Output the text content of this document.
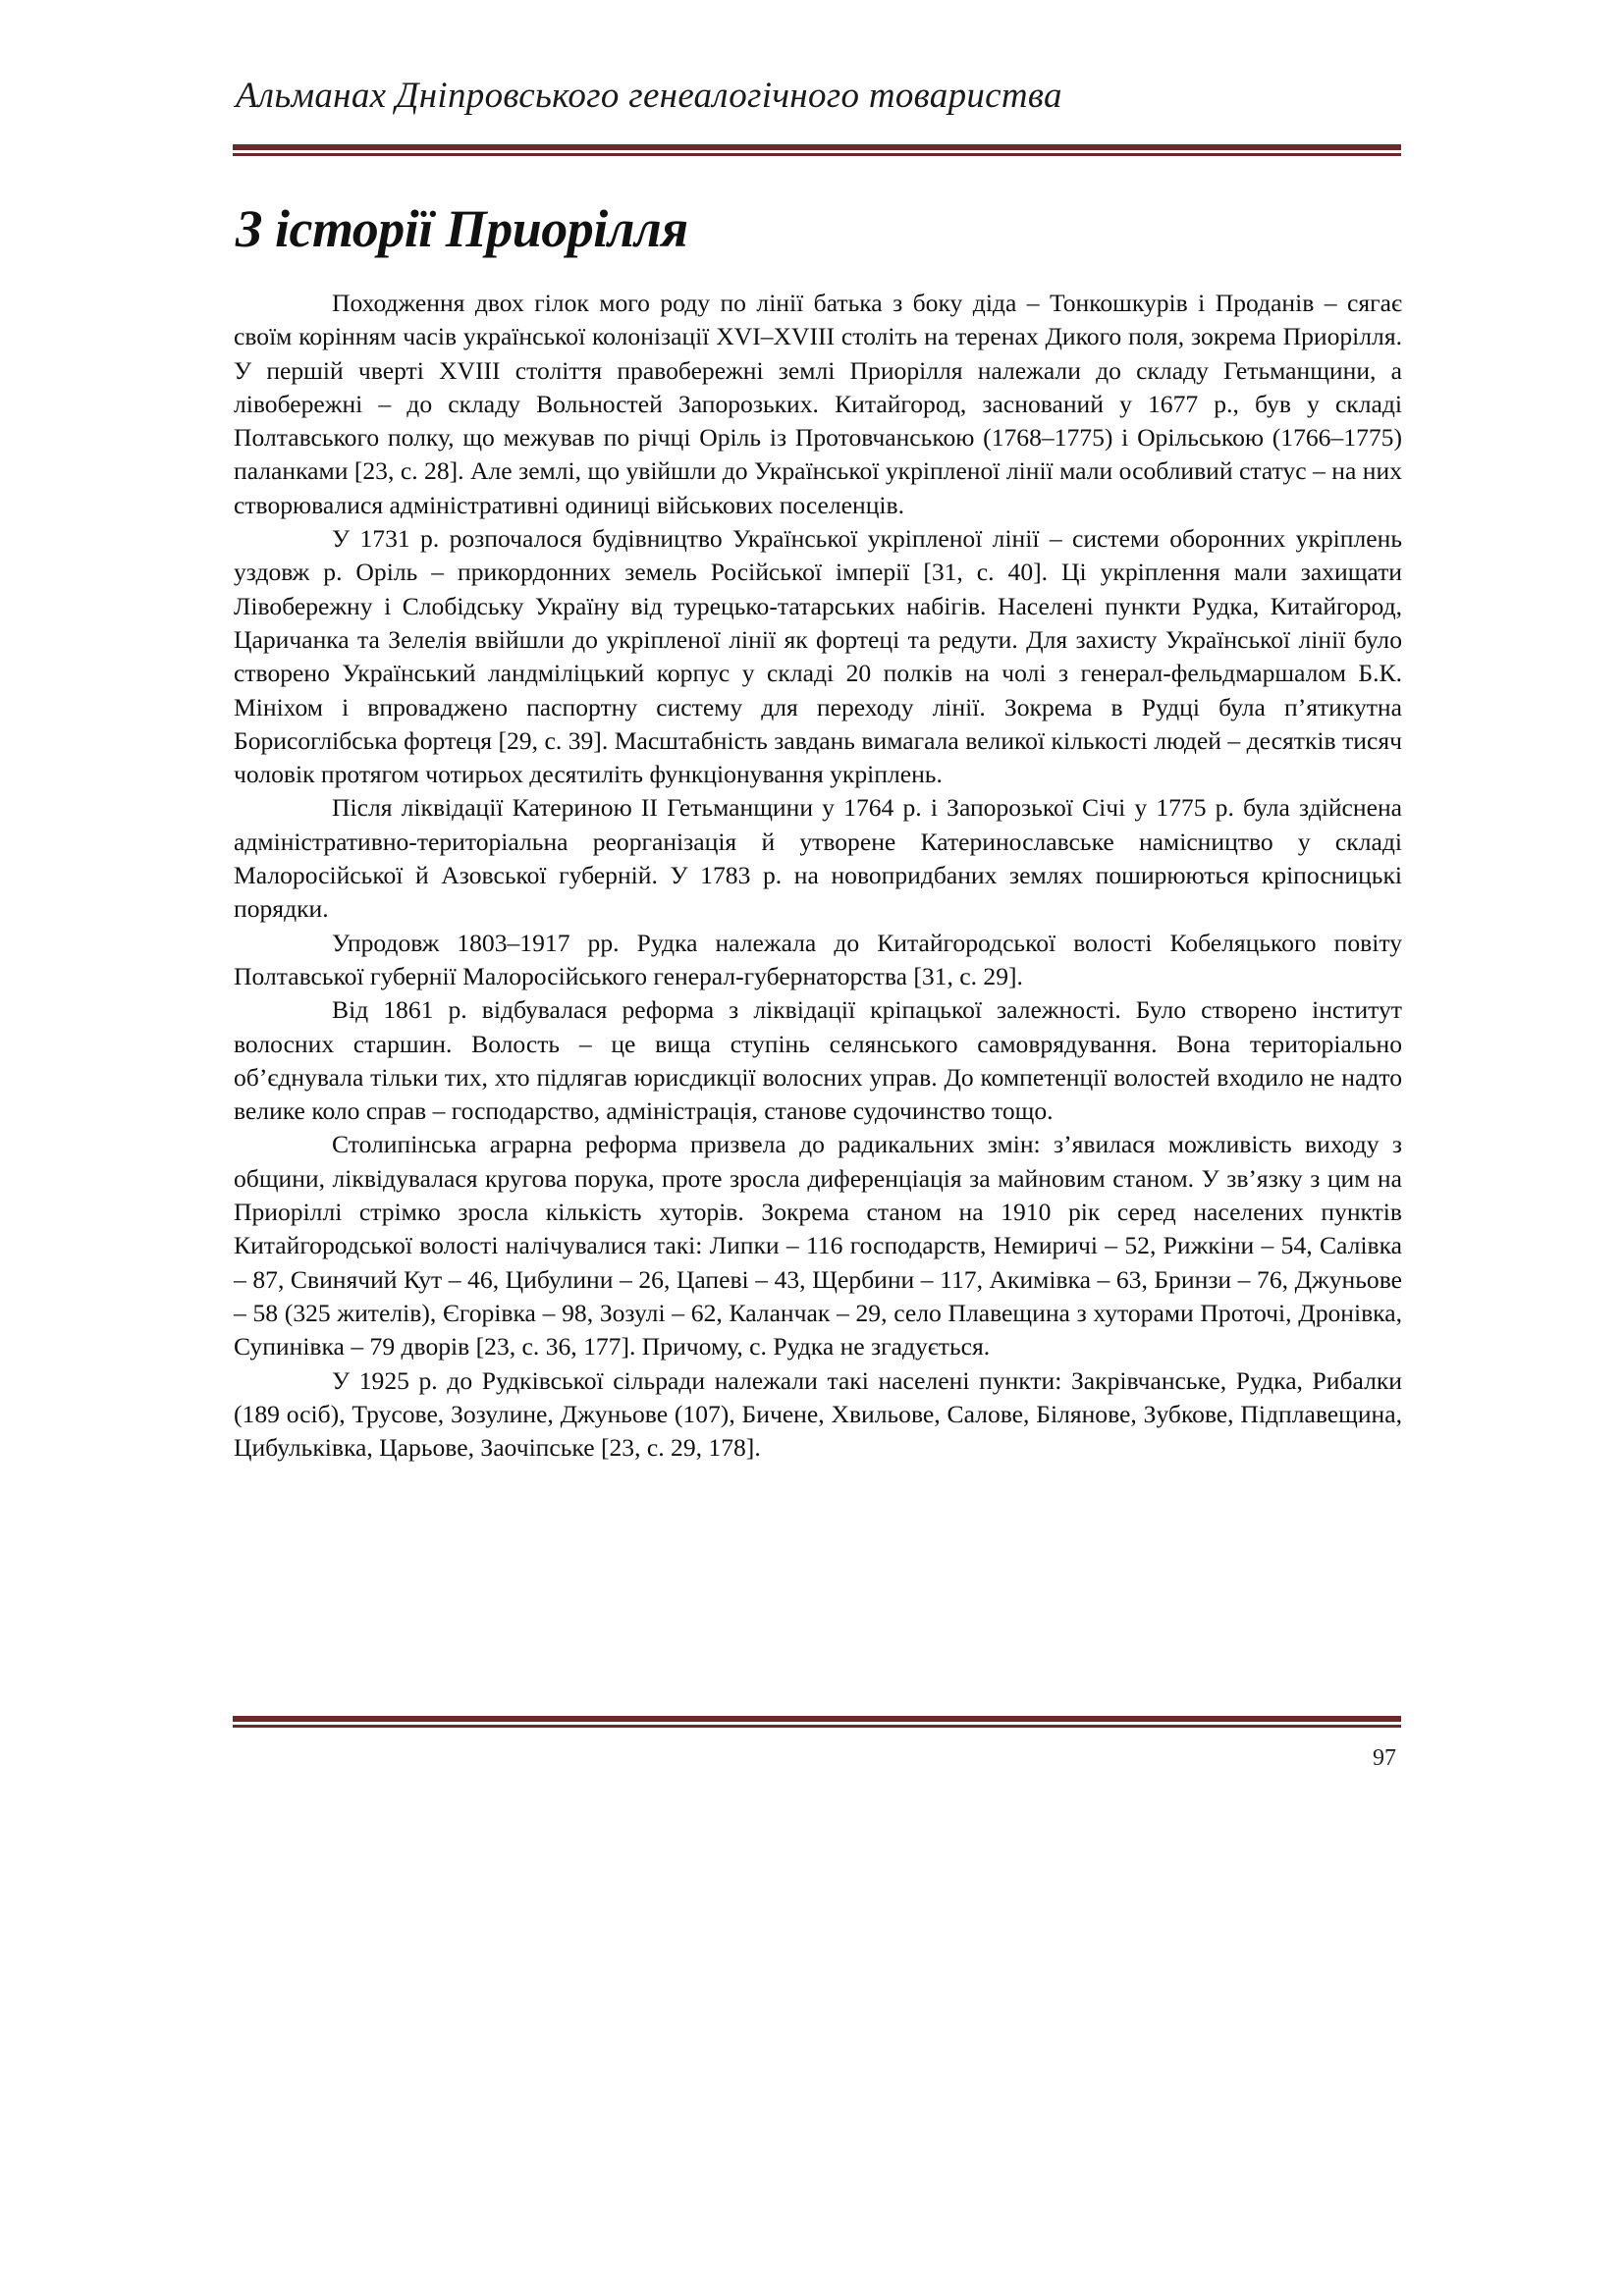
Альманах Дніпровського генеалогічного товариства
З історії Приорілля

Походження двох гілок мого роду по лінії батька з боку діда – Тонкошкурів і Проданів – сягає своїм корінням часів української колонізації XVI–XVIII століть на теренах Дикого поля, зокрема Приорілля. У першій чверті XVIII століття правобережні землі Приорілля належали до складу Гетьманщини, а лівобережні – до складу Вольностей Запорозьких. Китайгород, заснований у 1677 р., був у складі Полтавського полку, що межував по річці Оріль із Протовчанською (1768–1775) і Орільською (1766–1775) паланками [23, с. 28]. Але землі, що увійшли до Української укріпленої лінії мали особливий статус – на них створювалися адміністративні одиниці військових поселенців.

У 1731 р. розпочалося будівництво Української укріпленої лінії – системи оборонних укріплень уздовж р. Оріль – прикордонних земель Російської імперії [31, с. 40]. Ці укріплення мали захищати Лівобережну і Слобідську Україну від турецько-татарських набігів. Населені пункти Рудка, Китайгород, Царичанка та Зелелія ввійшли до укріпленої лінії як фортеці та редути. Для захисту Української лінії було створено Український ландміліцький корпус у складі 20 полків на чолі з генерал-фельдмаршалом Б.К. Мініхом і впроваджено паспортну систему для переходу лінії. Зокрема в Рудці була п’ятикутна Борисоглібська фортеця [29, с. 39]. Масштабність завдань вимагала великої кількості людей – десятків тисяч чоловік протягом чотирьох десятиліть функціонування укріплень.

Після ліквідації Катериною II Гетьманщини у 1764 р. і Запорозької Січі у 1775 р. була здійснена адміністративно-територіальна реорганізація й утворене Катеринославське намісництво у складі Малоросійської й Азовської губерній. У 1783 р. на новопридбаних землях поширюються кріпосницькі порядки.

Упродовж 1803–1917 рр. Рудка належала до Китайгородської волості Кобеляцького повіту Полтавської губернії Малоросійського генерал-губернаторства [31, с. 29].

Від 1861 р. відбувалася реформа з ліквідації кріпацької залежності. Було створено інститут волосних старшин. Волость – це вища ступінь селянського самоврядування. Вона територіально об’єднувала тільки тих, хто підлягав юрисдикції волосних управ. До компетенції волостей входило не надто велике коло справ – господарство, адміністрація, станове судочинство тощо.

Столипінська аграрна реформа призвела до радикальних змін: з’явилася можливість виходу з общини, ліквідувалася кругова порука, проте зросла диференціація за майновим станом. У зв’язку з цим на Приоріллі стрімко зросла кількість хуторів. Зокрема станом на 1910 рік серед населених пунктів Китайгородської волості налічувалися такі: Липки – 116 господарств, Немиричі – 52, Рижкіни – 54, Салівка – 87, Свинячий Кут – 46, Цибулини – 26, Цапеві – 43, Щербини – 117, Акимівка – 63, Бринзи – 76, Джуньове – 58 (325 жителів), Єгорівка – 98, Зозулі – 62, Каланчак – 29, село Плавещина з хуторами Проточі, Дронівка, Супинівка – 79 дворів [23, с. 36, 177]. Причому, с. Рудка не згадується.

У 1925 р. до Рудківської сільради належали такі населені пункти: Закрівчанське, Рудка, Рибалки (189 осіб), Трусове, Зозулине, Джуньове (107), Бичене, Хвильове, Салове, Білянове, Зубкове, Підплавещина, Цибульківка, Царьове, Заочіпське [23, с. 29, 178].

97
